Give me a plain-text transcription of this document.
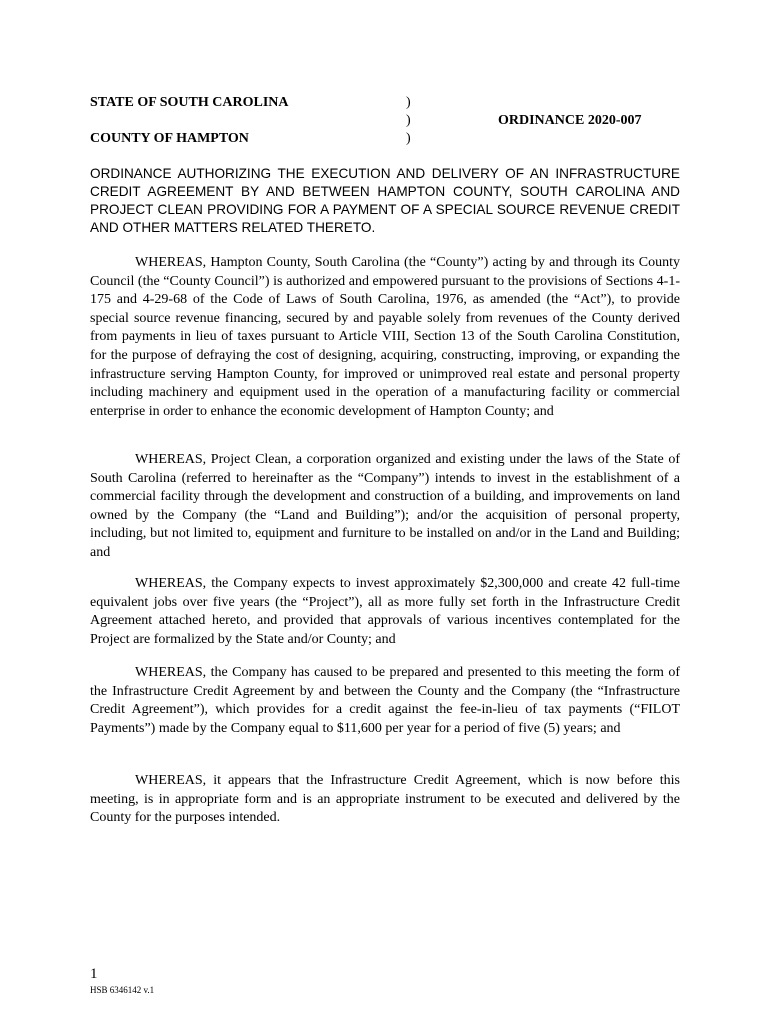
STATE OF SOUTH CAROLINA
COUNTY OF HAMPTON
)
)
)
ORDINANCE 2020-007
ORDINANCE AUTHORIZING THE EXECUTION AND DELIVERY OF AN INFRASTRUCTURE CREDIT AGREEMENT BY AND BETWEEN HAMPTON COUNTY, SOUTH CAROLINA AND PROJECT CLEAN PROVIDING FOR A PAYMENT OF A SPECIAL SOURCE REVENUE CREDIT AND OTHER MATTERS RELATED THERETO.

WHEREAS, Hampton County, South Carolina (the “County”) acting by and through its County Council (the “County Council”) is authorized and empowered pursuant to the provisions of Sections 4-1-175 and 4-29-68 of the Code of Laws of South Carolina, 1976, as amended (the “Act”), to provide special source revenue financing, secured by and payable solely from revenues of the County derived from payments in lieu of taxes pursuant to Article VIII, Section 13 of the South Carolina Constitution, for the purpose of defraying the cost of designing, acquiring, constructing, improving, or expanding the infrastructure serving Hampton County, for improved or unimproved real estate and personal property including machinery and equipment used in the operation of a manufacturing facility or commercial enterprise in order to enhance the economic development of Hampton County; and

WHEREAS, Project Clean, a corporation organized and existing under the laws of the State of South Carolina (referred to hereinafter as the “Company”) intends to invest in the establishment of a commercial facility through the development and construction of a building, and improvements on land owned by the Company (the “Land and Building”); and/or the acquisition of personal property, including, but not limited to, equipment and furniture to be installed on and/or in the Land and Building; and

WHEREAS, the Company expects to invest approximately $2,300,000 and create 42 full-time equivalent jobs over five years (the “Project”), all as more fully set forth in the Infrastructure Credit Agreement attached hereto, and provided that approvals of various incentives contemplated for the Project are formalized by the State and/or County; and

WHEREAS, the Company has caused to be prepared and presented to this meeting the form of the Infrastructure Credit Agreement by and between the County and the Company (the “Infrastructure Credit Agreement”), which provides for a credit against the fee-in-lieu of tax payments (“FILOT Payments”) made by the Company equal to $11,600 per year for a period of five (5) years; and

WHEREAS, it appears that the Infrastructure Credit Agreement, which is now before this meeting, is in appropriate form and is an appropriate instrument to be executed and delivered by the County for the purposes intended.

1
HSB 6346142 v.1
